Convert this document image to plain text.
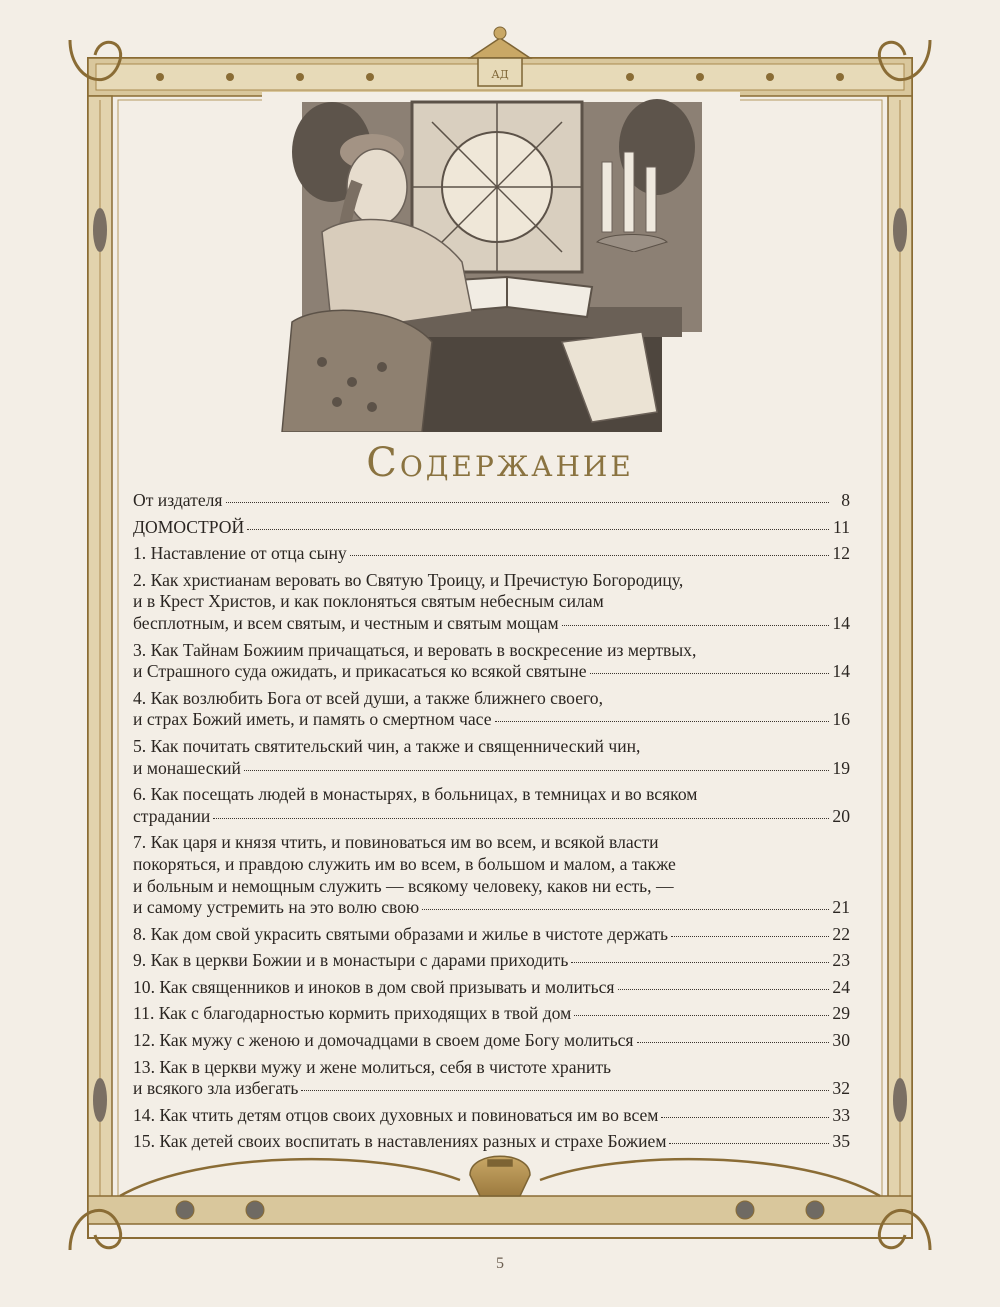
АД
Содержание
От издателя	8
ДОМОСТРОЙ	11
1. Наставление от отца сыну	12
2. Как христианам веровать во Святую Троицу, и Пречистую Богородицу,
и в Крест Христов, и как поклоняться святым небесным силам
бесплотным, и всем святым, и честным и святым мощам	14
3. Как Тайнам Божиим причащаться, и веровать в воскресение из мертвых,
и Страшного суда ожидать, и прикасаться ко всякой святыне	14
4. Как возлюбить Бога от всей души, а также ближнего своего,
и страх Божий иметь, и память о смертном часе	16
5. Как почитать святительский чин, а также и священнический чин,
и монашеский	19
6. Как посещать людей в монастырях, в больницах, в темницах и во всяком
страдании	20
7. Как царя и князя чтить, и повиноваться им во всем, и всякой власти
покоряться, и правдою служить им во всем, в большом и малом, а также
и больным и немощным служить — всякому человеку, каков ни есть, —
и самому устремить на это волю свою	21
8. Как дом свой украсить святыми образами и жилье в чистоте держать	22
9. Как в церкви Божии и в монастыри с дарами приходить	23
10. Как священников и иноков в дом свой призывать и молиться	24
11. Как с благодарностью кормить приходящих в твой дом	29
12. Как мужу с женою и домочадцами в своем доме Богу молиться	30
13. Как в церкви мужу и жене молиться, себя в чистоте хранить
и всякого зла избегать	32
14. Как чтить детям отцов своих духовных и повиноваться им во всем	33
15. Как детей своих воспитать в наставлениях разных и страхе Божием	35
5
